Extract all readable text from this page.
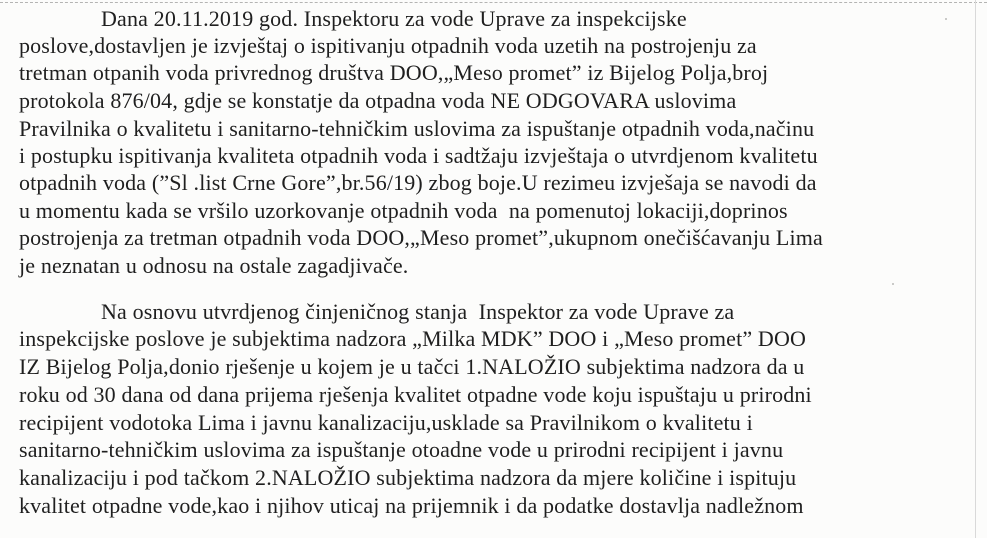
Dana 20.11.2019 god. Inspektoru za vode Uprave za inspekcijske
poslove,dostavljen je izvještaj o ispitivanju otpadnih voda uzetih na postrojenju za
tretman otpanih voda privrednog društva DOO,„Meso promet” iz Bijelog Polja,broj
protokola 876/04, gdje se konstatje da otpadna voda NE ODGOVARA uslovima
Pravilnika o kvalitetu i sanitarno-tehničkim uslovima za ispuštanje otpadnih voda,načinu
i postupku ispitivanja kvaliteta otpadnih voda i sadtžaju izvještaja o utvrdjenom kvalitetu
otpadnih voda (”Sl .list Crne Gore”,br.56/19) zbog boje.U rezimeu izvješaja se navodi da
u momentu kada se vršilo uzorkovanje otpadnih voda  na pomenutoj lokaciji,doprinos
postrojenja za tretman otpadnih voda DOO,„Meso promet”,ukupnom onečišćavanju Lima
je neznatan u odnosu na ostale zagadjivače.
Na osnovu utvrdjenog činjeničnog stanja  Inspektor za vode Uprave za
inspekcijske poslove je subjektima nadzora „Milka MDK” DOO i „Meso promet” DOO
IZ Bijelog Polja,donio rješenje u kojem je u tačci 1.NALOŽIO subjektima nadzora da u
roku od 30 dana od dana prijema rješenja kvalitet otpadne vode koju ispuštaju u prirodni
recipijent vodotoka Lima i javnu kanalizaciju,usklade sa Pravilnikom o kvalitetu i
sanitarno-tehničkim uslovima za ispuštanje otoadne vode u prirodni recipijent i javnu
kanalizaciju i pod tačkom 2.NALOŽIO subjektima nadzora da mjere količine i ispituju
kvalitet otpadne vode,kao i njihov uticaj na prijemnik i da podatke dostavlja nadležnom
